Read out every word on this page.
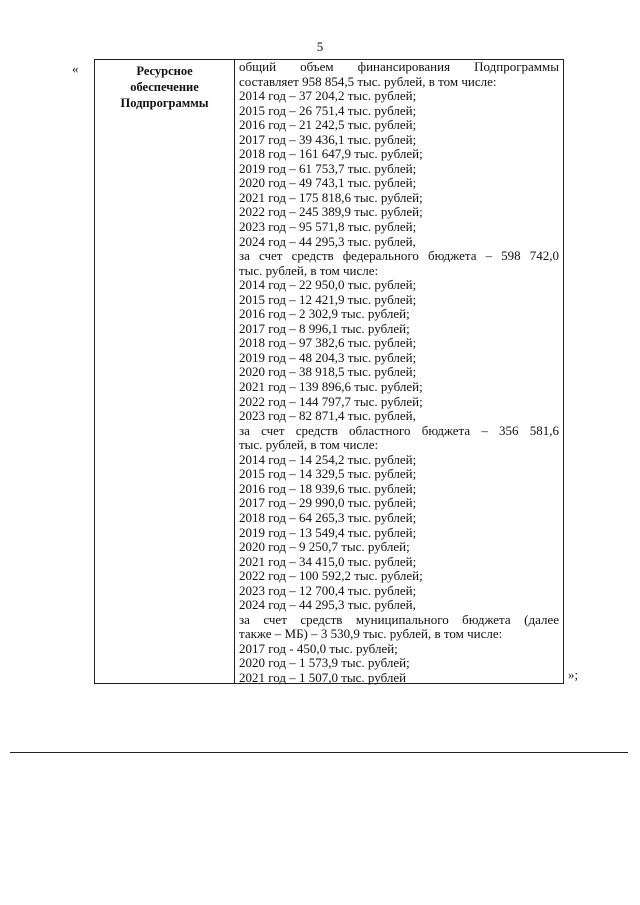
5
«	Ресурсное
обеспечение
Подпрограммы
общий объем финансирования Подпрограммы
составляет 958 854,5 тыс. рублей, в том числе:
2014 год – 37 204,2 тыс. рублей;
2015 год – 26 751,4 тыс. рублей;
2016 год – 21 242,5 тыс. рублей;
2017 год – 39 436,1 тыс. рублей;
2018 год – 161 647,9 тыс. рублей;
2019 год – 61 753,7 тыс. рублей;
2020 год – 49 743,1 тыс. рублей;
2021 год – 175 818,6 тыс. рублей;
2022 год – 245 389,9 тыс. рублей;
2023 год – 95 571,8 тыс. рублей;
2024 год – 44 295,3 тыс. рублей,
за счет средств федерального бюджета – 598 742,0
тыс. рублей, в том числе:
2014 год – 22 950,0 тыс. рублей;
2015 год – 12 421,9 тыс. рублей;
2016 год – 2 302,9 тыс. рублей;
2017 год – 8 996,1 тыс. рублей;
2018 год – 97 382,6 тыс. рублей;
2019 год – 48 204,3 тыс. рублей;
2020 год – 38 918,5 тыс. рублей;
2021 год – 139 896,6 тыс. рублей;
2022 год – 144 797,7 тыс. рублей;
2023 год – 82 871,4 тыс. рублей,
за счет средств областного бюджета – 356 581,6
тыс. рублей, в том числе:
2014 год – 14 254,2 тыс. рублей;
2015 год – 14 329,5 тыс. рублей;
2016 год – 18 939,6 тыс. рублей;
2017 год – 29 990,0 тыс. рублей;
2018 год – 64 265,3 тыс. рублей;
2019 год – 13 549,4 тыс. рублей;
2020 год – 9 250,7 тыс. рублей;
2021 год – 34 415,0 тыс. рублей;
2022 год – 100 592,2 тыс. рублей;
2023 год – 12 700,4 тыс. рублей;
2024 год – 44 295,3 тыс. рублей,
за счет средств муниципального бюджета (далее
также – МБ) – 3 530,9 тыс. рублей, в том числе:
2017 год - 450,0 тыс. рублей;
2020 год – 1 573,9 тыс. рублей;
2021 год – 1 507,0 тыс. рублей	»;
